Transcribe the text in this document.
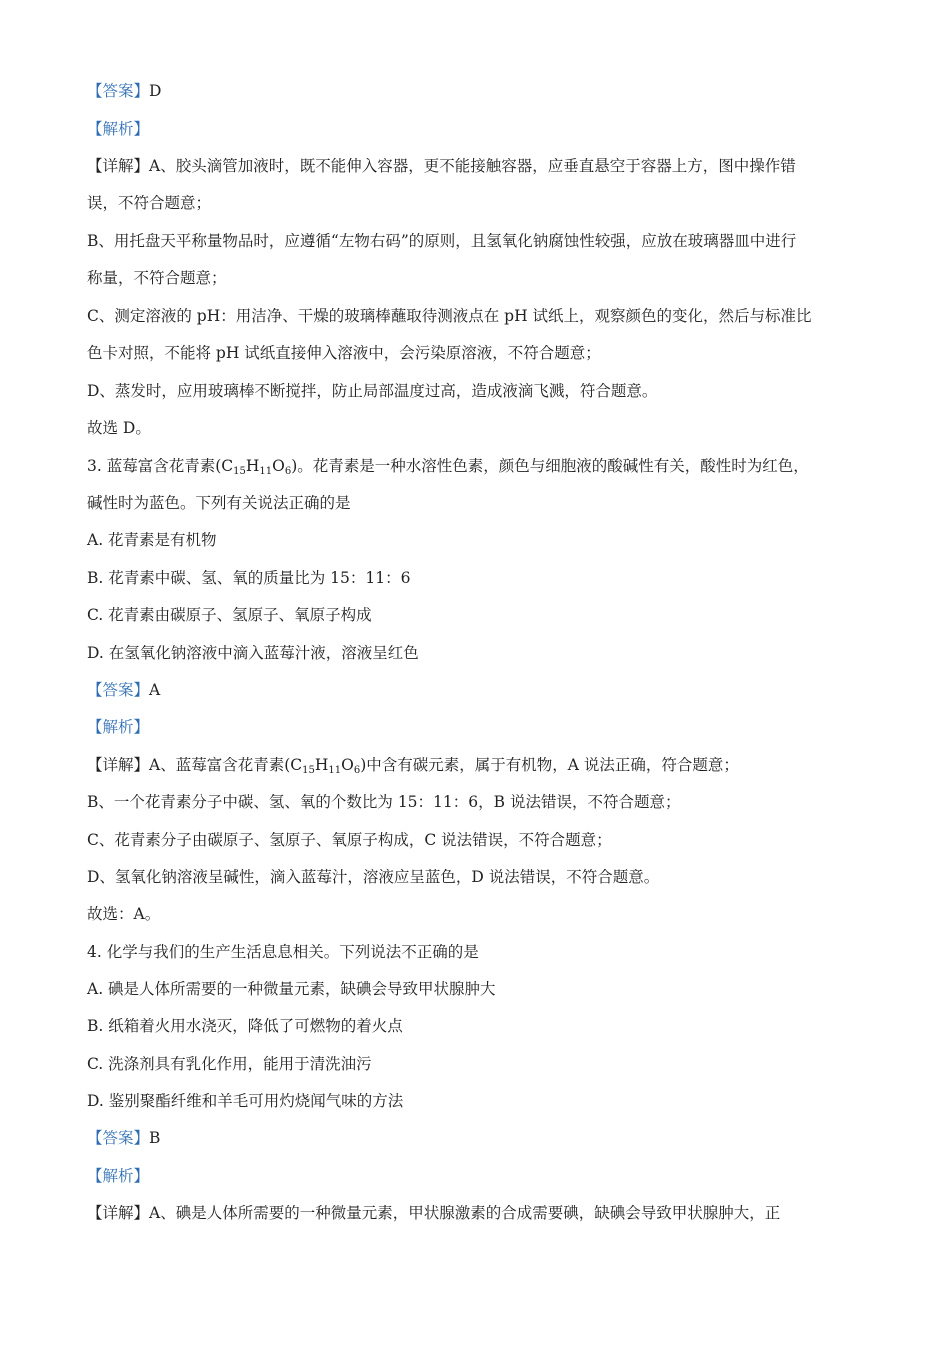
【答案】D
【解析】
【详解】A、胶头滴管加液时，既不能伸入容器，更不能接触容器，应垂直悬空于容器上方，图中操作错
误，不符合题意；
B、用托盘天平称量物品时，应遵循“左物右码”的原则，且氢氧化钠腐蚀性较强，应放在玻璃器皿中进行
称量，不符合题意；
C、测定溶液的 pH：用洁净、干燥的玻璃棒蘸取待测液点在 pH 试纸上，观察颜色的变化，然后与标准比
色卡对照，不能将 pH 试纸直接伸入溶液中，会污染原溶液，不符合题意；
D、蒸发时，应用玻璃棒不断搅拌，防止局部温度过高，造成液滴飞溅，符合题意。
故选 D。
3. 蓝莓富含花青素$(C_{15}H_{11}O_6)$。花青素是一种水溶性色素，颜色与细胞液的酸碱性有关，酸性时为红色，
碱性时为蓝色。下列有关说法正确的是
A. 花青素是有机物
B. 花青素中碳、氢、氧的质量比为 15：11：6
C. 花青素由碳原子、氢原子、氧原子构成
D. 在氢氧化钠溶液中滴入蓝莓汁液，溶液呈红色
【答案】A
【解析】
【详解】A、蓝莓富含花青素$(C_{15}H_{11}O_6)$中含有碳元素，属于有机物，A 说法正确，符合题意；
B、一个花青素分子中碳、氢、氧的个数比为 15：11：6，B 说法错误，不符合题意；
C、花青素分子由碳原子、氢原子、氧原子构成，C 说法错误，不符合题意；
D、氢氧化钠溶液呈碱性，滴入蓝莓汁，溶液应呈蓝色，D 说法错误，不符合题意。
故选：A。
4. 化学与我们的生产生活息息相关。下列说法不正确的是
A. 碘是人体所需要的一种微量元素，缺碘会导致甲状腺肿大
B. 纸箱着火用水浇灭，降低了可燃物的着火点
C. 洗涤剂具有乳化作用，能用于清洗油污
D. 鉴别聚酯纤维和羊毛可用灼烧闻气味的方法
【答案】B
【解析】
【详解】A、碘是人体所需要的一种微量元素，甲状腺激素的合成需要碘，缺碘会导致甲状腺肿大，正
